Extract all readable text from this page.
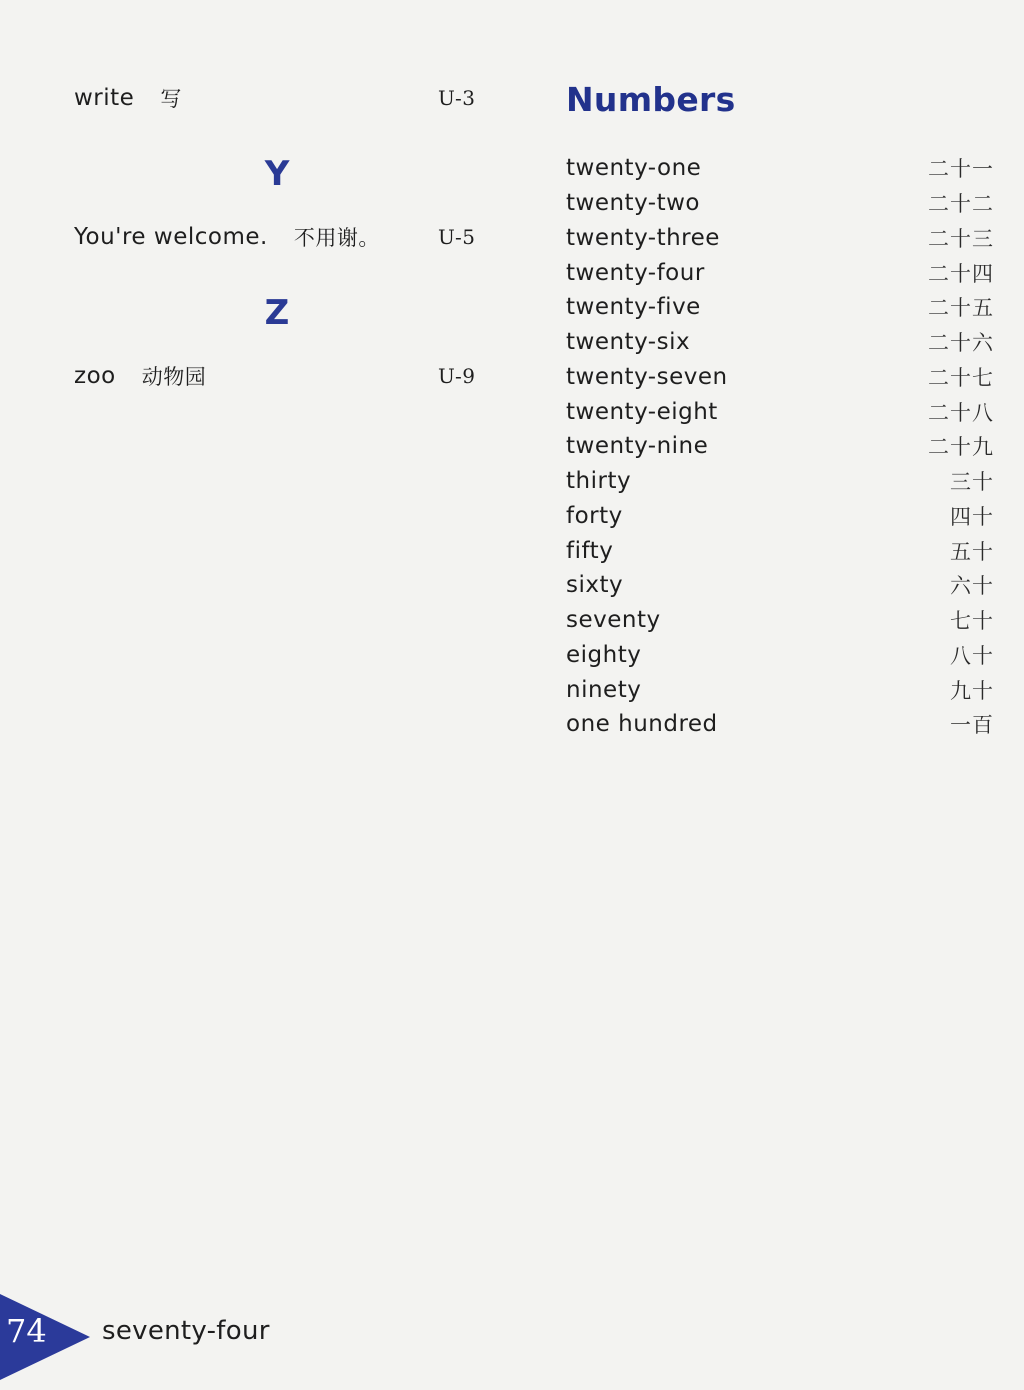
write 写	U-3
Y
You're welcome. 不用谢。	U-5
Z
zoo 动物园	U-9
Numbers
twenty-one	二十一
twenty-two	二十二
twenty-three	二十三
twenty-four	二十四
twenty-five	二十五
twenty-six	二十六
twenty-seven	二十七
twenty-eight	二十八
twenty-nine	二十九
thirty	三十
forty	四十
fifty	五十
sixty	六十
seventy	七十
eighty	八十
ninety	九十
one hundred	一百
74 seventy-four
